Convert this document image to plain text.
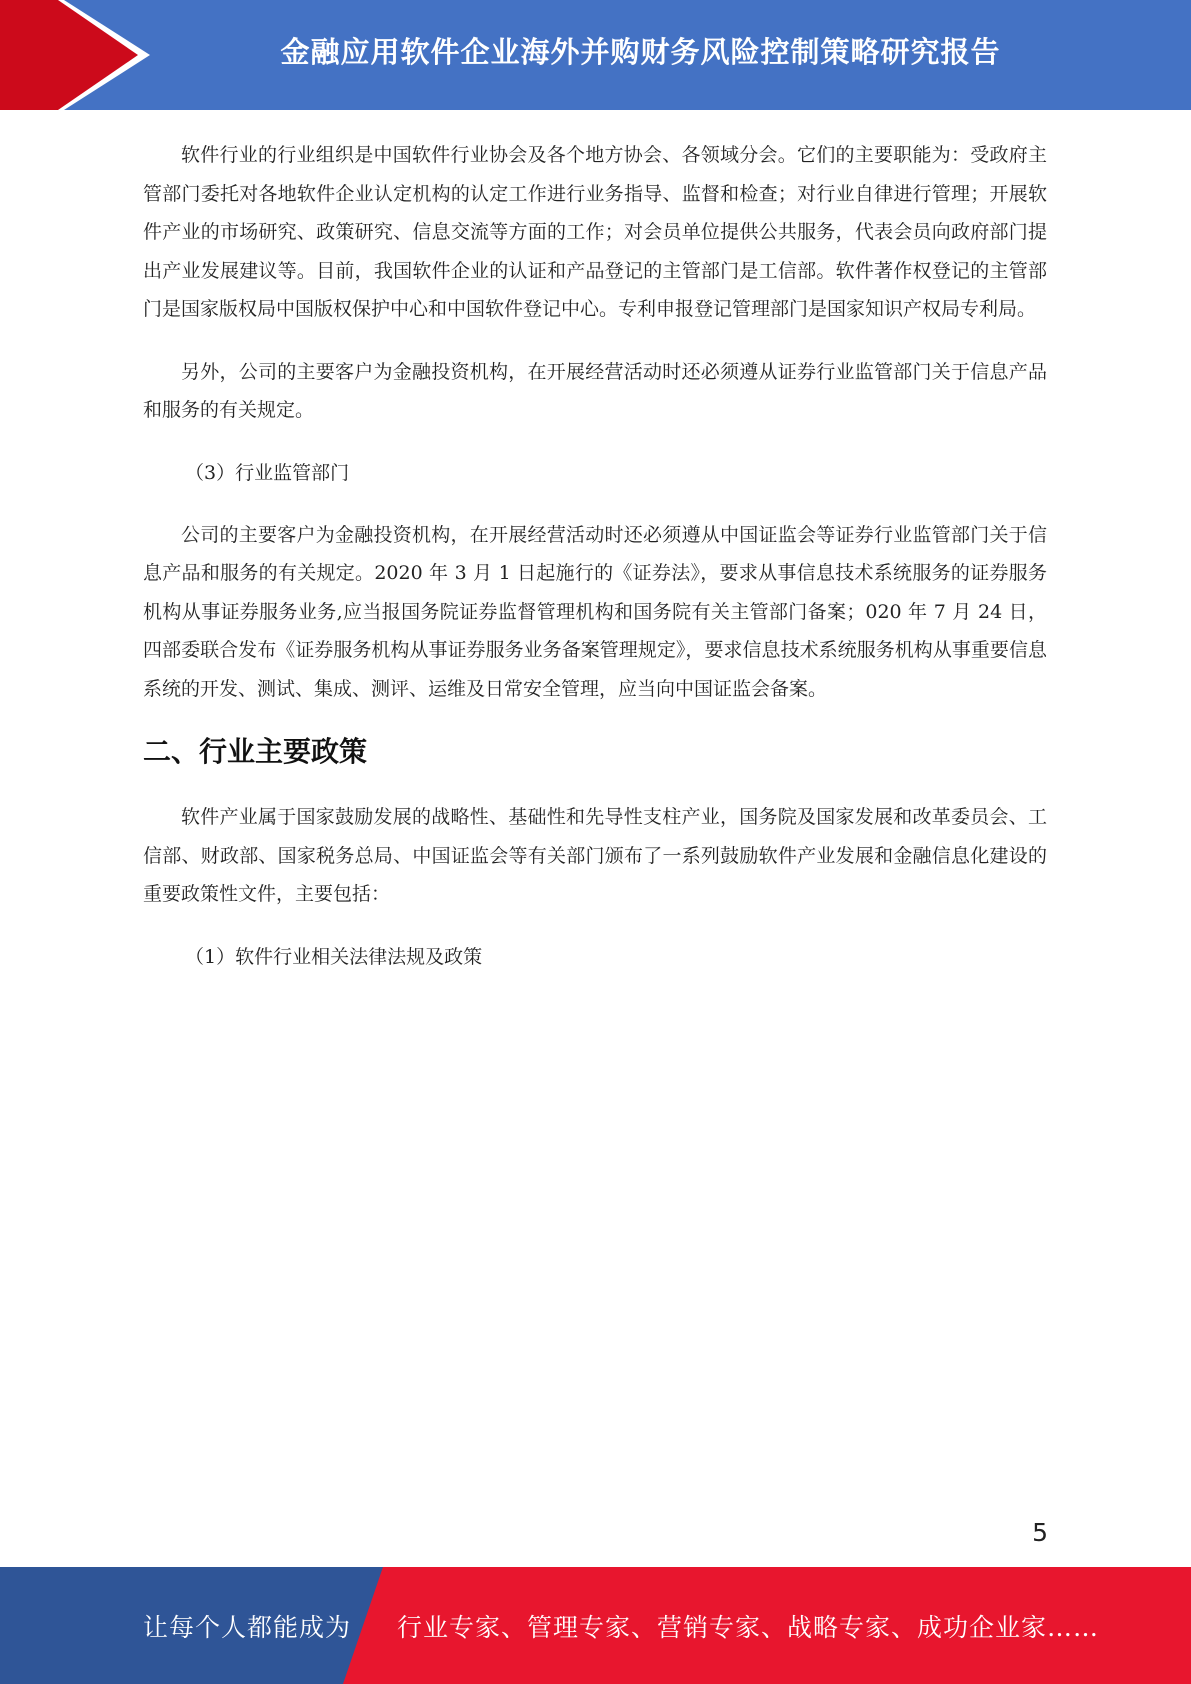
金融应用软件企业海外并购财务风险控制策略研究报告

软件行业的行业组织是中国软件行业协会及各个地方协会、各领域分会。它们的主要职能为：受政府主管部门委托对各地软件企业认定机构的认定工作进行业务指导、监督和检查；对行业自律进行管理；开展软件产业的市场研究、政策研究、信息交流等方面的工作；对会员单位提供公共服务，代表会员向政府部门提出产业发展建议等。目前，我国软件企业的认证和产品登记的主管部门是工信部。软件著作权登记的主管部门是国家版权局中国版权保护中心和中国软件登记中心。专利申报登记管理部门是国家知识产权局专利局。

另外，公司的主要客户为金融投资机构，在开展经营活动时还必须遵从证券行业监管部门关于信息产品和服务的有关规定。

（3）行业监管部门

公司的主要客户为金融投资机构，在开展经营活动时还必须遵从中国证监会等证券行业监管部门关于信息产品和服务的有关规定。2020 年 3 月 1 日起施行的《证券法》，要求从事信息技术系统服务的证券服务机构从事证券服务业务,应当报国务院证券监督管理机构和国务院有关主管部门备案；020 年 7 月 24 日，四部委联合发布《证券服务机构从事证券服务业务备案管理规定》，要求信息技术系统服务机构从事重要信息系统的开发、测试、集成、测评、运维及日常安全管理，应当向中国证监会备案。

二、行业主要政策

软件产业属于国家鼓励发展的战略性、基础性和先导性支柱产业，国务院及国家发展和改革委员会、工信部、财政部、国家税务总局、中国证监会等有关部门颁布了一系列鼓励软件产业发展和金融信息化建设的重要政策性文件，主要包括：

（1）软件行业相关法律法规及政策

5
让每个人都能成为 行业专家、管理专家、营销专家、战略专家、成功企业家……
